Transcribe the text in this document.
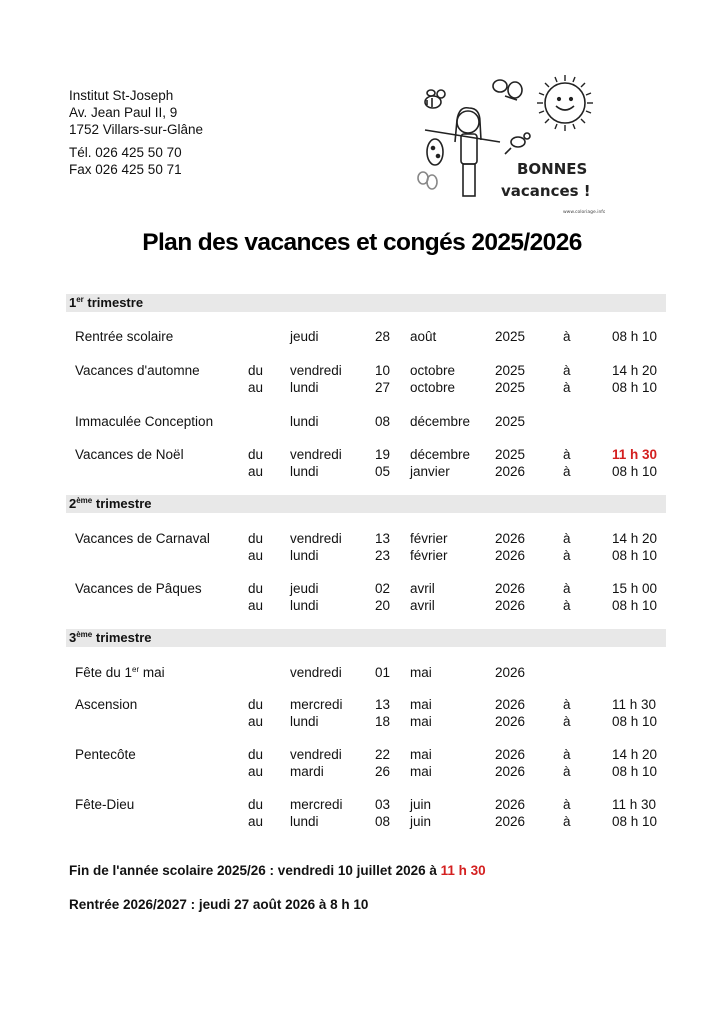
Institut St-Joseph
Av. Jean Paul II, 9
1752 Villars-sur-Glâne
Tél. 026 425 50 70
Fax 026 425 50 71	BONNES
vacances !
www.coloriage.info
Plan des vacances et congés 2025/2026
1er trimestre
Rentrée scolaire	jeudi	28 août	2025	à	08 h 10
Vacances d'automne	du vendredi 10 octobre	2025	à	14 h 20
au lundi	27 octobre	2025	à	08 h 10
Immaculée Conception	lundi	08 décembre 2025
Vacances de Noël	du vendredi 19 décembre 2025	à	11 h 30
au lundi	05 janvier	2026	à	08 h 10
2ème trimestre
Vacances de Carnaval	du vendredi 13 février	2026	à	14 h 20
au lundi	23 février	2026	à	08 h 10
Vacances de Pâques	du jeudi	02 avril	2026	à	15 h 00
au lundi	20 avril	2026	à	08 h 10
3ème trimestre
Fête du 1er mai	vendredi 01 mai	2026
Ascension	du mercredi 13 mai	2026	à	11 h 30
au lundi	18 mai	2026	à	08 h 10
Pentecôte	du vendredi 22 mai	2026	à	14 h 20
au mardi	26 mai	2026	à	08 h 10
Fête-Dieu	du mercredi 03 juin	2026	à	11 h 30
au lundi	08 juin	2026	à	08 h 10
Fin de l'année scolaire 2025/26 : vendredi 10 juillet 2026 à 11 h 30
Rentrée 2026/2027 : jeudi 27 août 2026 à 8 h 10
